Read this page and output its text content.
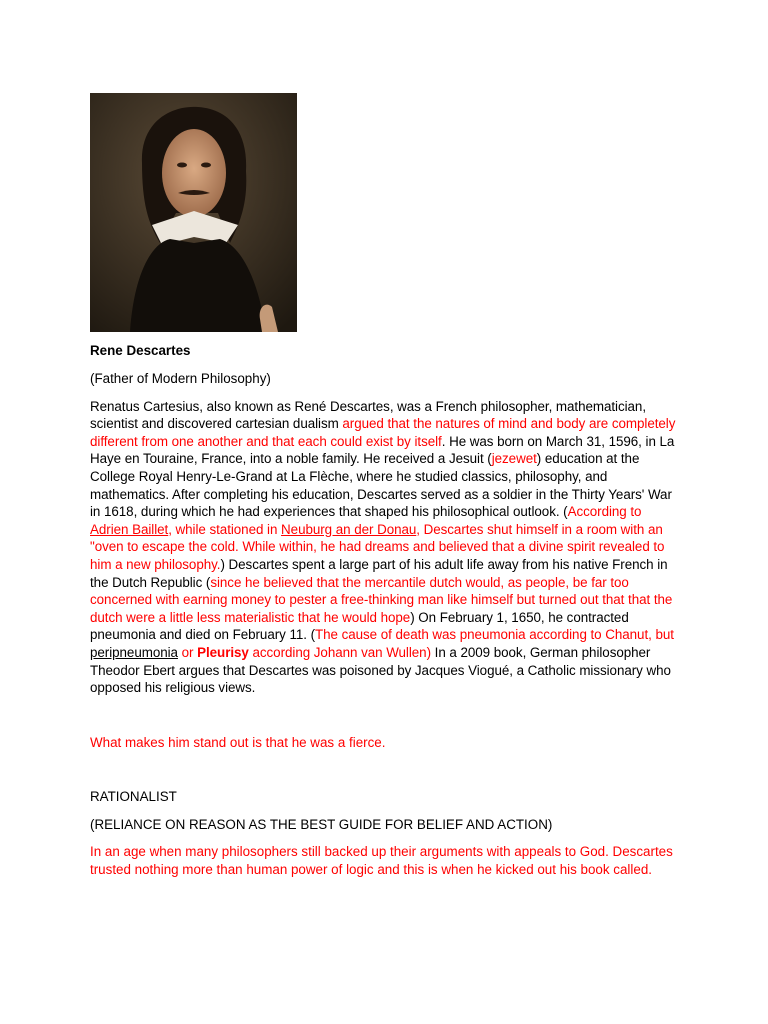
Rene Descartes

(Father of Modern Philosophy)

Renatus Cartesius, also known as René Descartes, was a French philosopher, mathematician, scientist and discovered cartesian dualism argued that the natures of mind and body are completely different from one another and that each could exist by itself. He was born on March 31, 1596, in La Haye en Touraine, France, into a noble family. He received a Jesuit (jezewet) education at the College Royal Henry-Le-Grand at La Flèche, where he studied classics, philosophy, and mathematics. After completing his education, Descartes served as a soldier in the Thirty Years' War in 1618, during which he had experiences that shaped his philosophical outlook. (According to Adrien Baillet, while stationed in Neuburg an der Donau, Descartes shut himself in a room with an "oven to escape the cold. While within, he had dreams and believed that a divine spirit revealed to him a new philosophy.) Descartes spent a large part of his adult life away from his native French in the Dutch Republic (since he believed that the mercantile dutch would, as people, be far too concerned with earning money to pester a free-thinking man like himself but turned out that that the dutch were a little less materialistic that he would hope) On February 1, 1650, he contracted pneumonia and died on February 11. (The cause of death was pneumonia according to Chanut, but peripneumonia or Pleurisy according Johann van Wullen) In a 2009 book, German philosopher Theodor Ebert argues that Descartes was poisoned by Jacques Viogué, a Catholic missionary who opposed his religious views.

What makes him stand out is that he was a fierce.

RATIONALIST

(RELIANCE ON REASON AS THE BEST GUIDE FOR BELIEF AND ACTION)

In an age when many philosophers still backed up their arguments with appeals to God. Descartes trusted nothing more than human power of logic and this is when he kicked out his book called.
